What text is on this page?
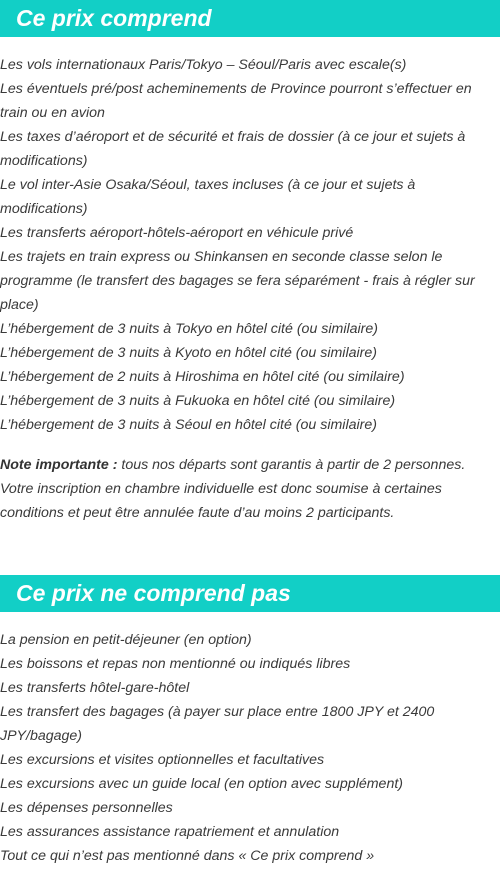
Ce prix comprend
Les vols internationaux Paris/Tokyo – Séoul/Paris avec escale(s)
Les éventuels pré/post acheminements de Province pourront s’effectuer en train ou en avion
Les taxes d’aéroport et de sécurité et frais de dossier (à ce jour et sujets à modifications)
Le vol inter-Asie Osaka/Séoul, taxes incluses (à ce jour et sujets à modifications)
Les transferts aéroport-hôtels-aéroport en véhicule privé
Les trajets en train express ou Shinkansen en seconde classe selon le programme (le transfert des bagages se fera séparément - frais à régler sur place)
L’hébergement de 3 nuits à Tokyo en hôtel cité (ou similaire)
L’hébergement de 3 nuits à Kyoto en hôtel cité (ou similaire)
L’hébergement de 2 nuits à Hiroshima en hôtel cité (ou similaire)
L’hébergement de 3 nuits à Fukuoka en hôtel cité (ou similaire)
L’hébergement de 3 nuits à Séoul en hôtel cité (ou similaire)

Note importante : tous nos départs sont garantis à partir de 2 personnes. Votre inscription en chambre individuelle est donc soumise à certaines conditions et peut être annulée faute d’au moins 2 participants.

Ce prix ne comprend pas
La pension en petit-déjeuner (en option)
Les boissons et repas non mentionné ou indiqués libres
Les transferts hôtel-gare-hôtel
Les transfert des bagages (à payer sur place entre 1800 JPY et 2400 JPY/bagage)
Les excursions et visites optionnelles et facultatives
Les excursions avec un guide local (en option avec supplément)
Les dépenses personnelles
Les assurances assistance rapatriement et annulation
Tout ce qui n’est pas mentionné dans « Ce prix comprend »
